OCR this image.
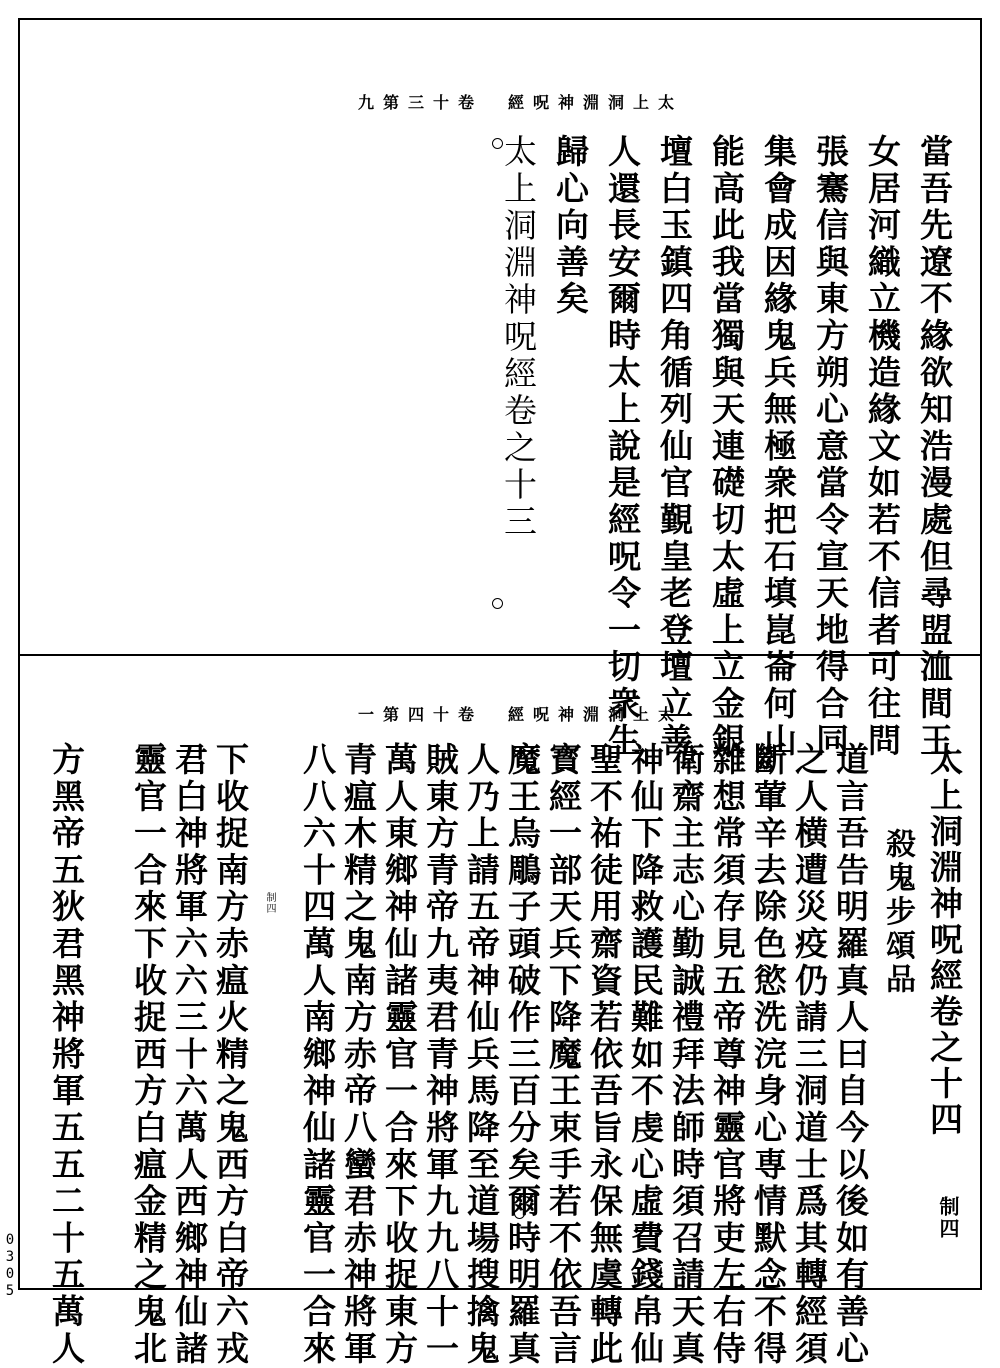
九第三十卷　經呪神淵洞上太
當吾先遼不緣欲知浩漫處但尋盟洫間王
女居河織立機造緣文如若不信者可往問
張騫信與東方朔心意當令宣天地得合同
集會成因緣鬼兵無極衆把石填崑崙何山
能高此我當獨與天連礎切太虛上立金銀
壇白玉鎮四角循列仙官覲皇老登壇立善
人還長安爾時太上說是經呪令一切衆生
歸心向善矣
太上洞淵神呪經卷之十三
一第四十卷　經呪神淵洞上太
太上洞淵神呪經卷之十四
制四
殺鬼步頌品
道言吾告明羅真人曰自今以後如有善心
之人横遭災疫仍請三洞道士爲其轉經須
斷葷辛去除色慾洗浣身心専情默念不得
雜想常須存見五帝尊神靈官將吏左右侍
衛齋主志心勤誠禮拜法師時須召請天真
神仙下降救護民難如不虔心虛費錢帛仙
聖不祐徒用齋資若依吾旨永保無虞轉此
寳經一部天兵下降魔王束手若不依吾言
魔王烏鵰子頭破作三百分矣爾時明羅真
人乃上請五帝神仙兵馬降至道場搜擒鬼
賊東方青帝九夷君青神將軍九九八十一
萬人東鄉神仙諸靈官一合來下收捉東方
青瘟木精之鬼南方赤帝八蠻君赤神將軍
制四 八八六十四萬人南鄉神仙諸靈官一合來
下收捉南方赤瘟火精之鬼西方白帝六戎
君白神將軍六六三十六萬人西鄉神仙諸
靈官一合來下收捉西方白瘟金精之鬼北
方黑帝五狄君黑神將軍五五二十五萬人
0305
